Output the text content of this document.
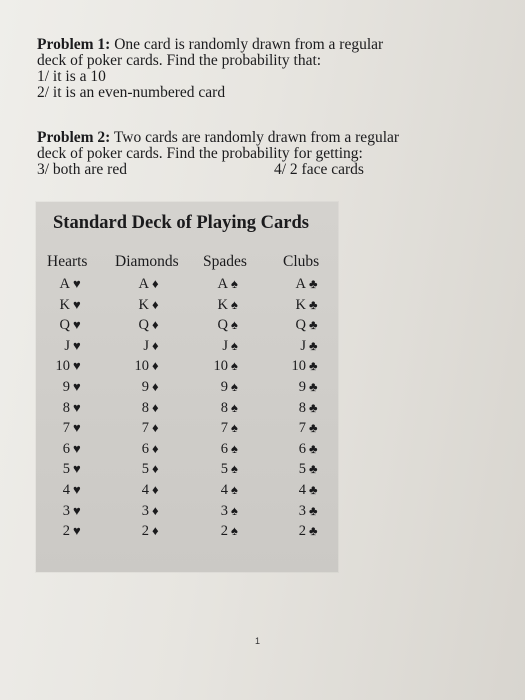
Problem 1: One card is randomly drawn from a regular
deck of poker cards. Find the probability that:
1/ it is a 10
2/ it is an even-numbered card
Problem 2: Two cards are randomly drawn from a regular
deck of poker cards. Find the probability for getting:
3/ both are red	4/ 2 face cards
Standard Deck of Playing Cards
Hearts Diamonds Spades Clubs
A ♥
K ♥
Q ♥
J ♥
10 ♥
9 ♥
8 ♥
7 ♥
6 ♥
5 ♥
4 ♥
3 ♥
2 ♥
A ♦
K ♦
Q ♦
J ♦
10 ♦
9 ♦
8 ♦
7 ♦
6 ♦
5 ♦
4 ♦
3 ♦
2 ♦
A ♠
K ♠
Q ♠
J ♠
10 ♠
9 ♠
8 ♠
7 ♠
6 ♠
5 ♠
4 ♠
3 ♠
2 ♠
A ♣
K ♣
Q ♣
J ♣
10 ♣
9 ♣
8 ♣
7 ♣
6 ♣
5 ♣
4 ♣
3 ♣
2 ♣
1
